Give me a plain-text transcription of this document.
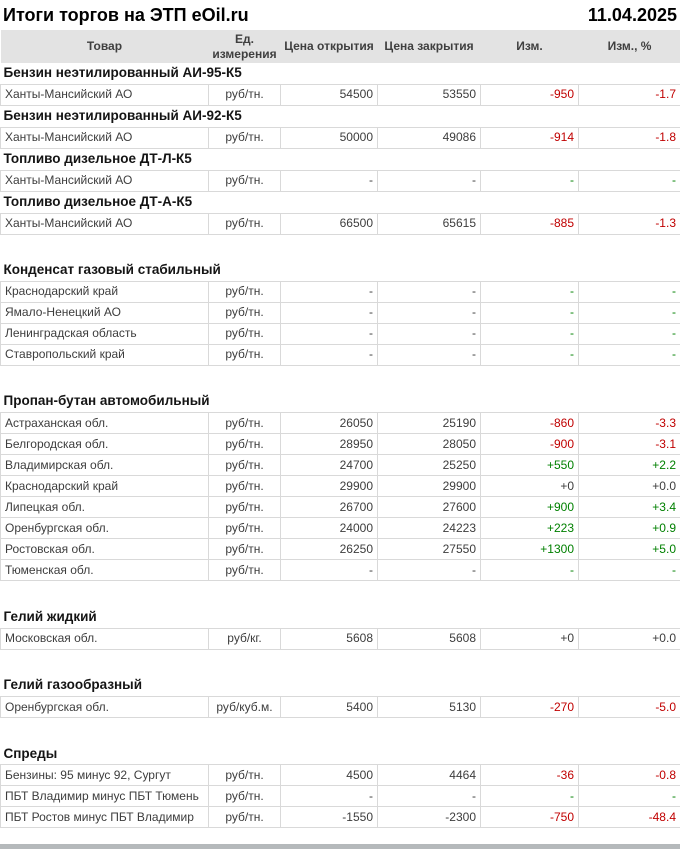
Итоги торгов на ЭТП eOil.ru	11.04.2025
Товар	Ед. измерения	Цена открытия	Цена закрытия	Изм.	Изм., %
Бензин неэтилированный АИ-95-К5					
Ханты-Мансийский АО	руб/тн.	54500	53550	-950	-1.7
Бензин неэтилированный АИ-92-К5					
Ханты-Мансийский АО	руб/тн.	50000	49086	-914	-1.8
Топливо дизельное ДТ-Л-К5					
Ханты-Мансийский АО	руб/тн.	-	-	-	-
Топливо дизельное ДТ-А-К5					
Ханты-Мансийский АО	руб/тн.	66500	65615	-885	-1.3

Конденсат газовый стабильный					
Краснодарский край	руб/тн.	-	-	-	-
Ямало-Ненецкий АО	руб/тн.	-	-	-	-
Ленинградская область	руб/тн.	-	-	-	-
Ставропольский край	руб/тн.	-	-	-	-

Пропан-бутан автомобильный					
Астраханская обл.	руб/тн.	26050	25190	-860	-3.3
Белгородская обл.	руб/тн.	28950	28050	-900	-3.1
Владимирская обл.	руб/тн.	24700	25250	+550	+2.2
Краснодарский край	руб/тн.	29900	29900	+0	+0.0
Липецкая обл.	руб/тн.	26700	27600	+900	+3.4
Оренбургская обл.	руб/тн.	24000	24223	+223	+0.9
Ростовская обл.	руб/тн.	26250	27550	+1300	+5.0
Тюменская обл.	руб/тн.	-	-	-	-

Гелий жидкий					
Московская обл.	руб/кг.	5608	5608	+0	+0.0

Гелий газообразный					
Оренбургская обл.	руб/куб.м.	5400	5130	-270	-5.0

Спреды					
Бензины: 95 минус 92, Сургут	руб/тн.	4500	4464	-36	-0.8
ПБТ Владимир минус ПБТ Тюмень	руб/тн.	-	-	-	-
ПБТ Ростов минус ПБТ Владимир	руб/тн.	-1550	-2300	-750	-48.4
